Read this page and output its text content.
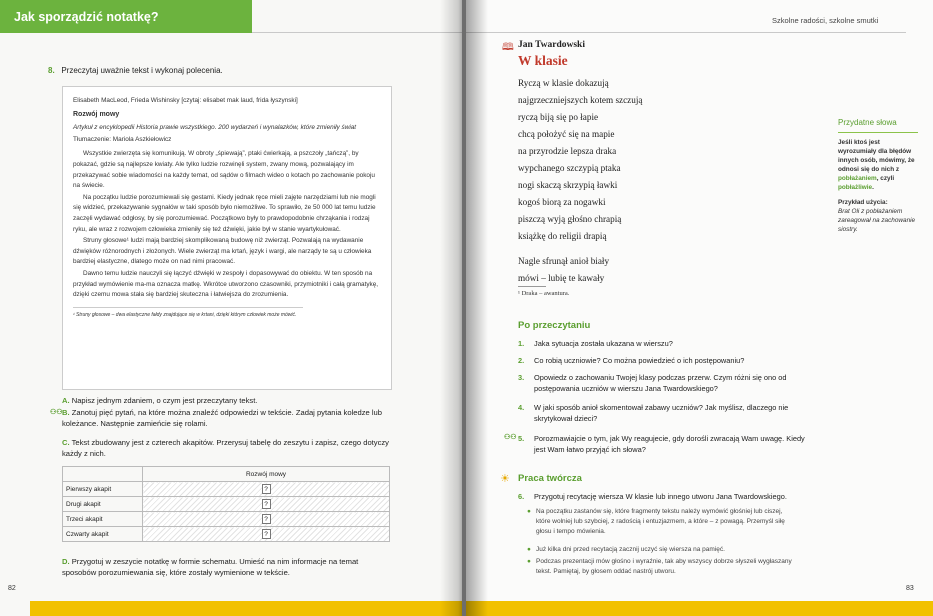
Jak sporządzić notatkę?
8. Przeczytaj uważnie tekst i wykonaj polecenia.

Elisabeth MacLeod, Frieda Wishinsky [czytaj: elisabet mak laud, frida łyszynski]

Rozwój mowy

Artykuł z encyklopedii Historia prawie wszystkiego. 200 wydarzeń i wynalazków, które zmieniły świat

Tłumaczenie: Mariola Aszkiełowicz

Wszystkie zwierzęta się komunikują. W obroty „śpiewają”, ptaki ćwierkają, a pszczoły „tańczą”, by pokazać, gdzie są najlepsze kwiaty. Ale tylko ludzie rozwinęli system, zwany mową, pozwalający im przekazywać sobie wiadomości na każdy temat, od sądów o filmach wideo o kotach po zachowanie pokoju na świecie.

Na początku ludzie porozumiewali się gestami. Kiedy jednak ręce mieli zajęte narzędziami lub nie mogli się widzieć, przekazywanie sygnałów w taki sposób było niemożliwe. To sprawiło, że 50 000 lat temu ludzie zaczęli wydawać odgłosy, by się porozumiewać. Początkowo były to prawdopodobnie chrząkania i rodzaj ryku, ale wraz z rozwojem człowieka zmieniły się też dźwięki, jakie był w stanie wyartykułować.

Struny głosowe¹ ludzi mają bardziej skomplikowaną budowę niż zwierząt. Pozwalają na wydawanie dźwięków różnorodnych i złożonych. Wiele zwierząt ma krtań, język i wargi, ale narządy te są u człowieka bardziej elastyczne, dlatego może on nad nimi pracować.

Dawno temu ludzie nauczyli się łączyć dźwięki w zespoły i dopasowywać do obiektu. W ten sposób na przykład wymówienie ma-ma oznacza matkę. Wkrótce utworzono czasowniki, przymiotniki i całą gramatykę, dzięki czemu mowa stała się bardziej skuteczna i łatwiejsza do zrozumienia.

¹ Struny głosowe – dwa elastyczne fałdy znajdujące się w krtani, dzięki którym człowiek może mówić.

A. Napisz jednym zdaniem, o czym jest przeczytany tekst.
⚇⚇ B. Zanotuj pięć pytań, na które można znaleźć odpowiedzi w tekście. Zadaj pytania koledze lub koleżance. Następnie zamieńcie się rolami.
C. Tekst zbudowany jest z czterech akapitów. Przerysuj tabelę do zeszytu i zapisz, czego dotyczy każdy z nich.
	Rozwój mowy
Pierwszy akapit	?
Drugi akapit	?
Trzeci akapit	?
Czwarty akapit	?
D. Przygotuj w zeszycie notatkę w formie schematu. Umieść na nim informacje na temat sposobów porozumiewania się, które zostały wymienione w tekście.
82
Szkolne radości, szkolne smutki
🕮 Jan Twardowski
W klasie
Ryczą w klasie dokazują
najgrzeczniejszych kotem szczują
ryczą biją się po łapie
chcą położyć się na mapie
na przyrodzie lepsza draka
wypchanego szczypią ptaka
nogi skaczą skrzypią ławki
kogoś biorą za nogawki
piszczą wyją głośno chrapią
książkę do religii drapią
Nagle sfrunął anioł biały
mówi – lubię te kawały
¹ Draka – awantura.
Po przeczytaniu
1. Jaka sytuacja została ukazana w wierszu?
2. Co robią uczniowie? Co można powiedzieć o ich postępowaniu?
3. Opowiedz o zachowaniu Twojej klasy podczas przerw. Czym różni się ono od postępowania uczniów w wierszu Jana Twardowskiego?
4. W jaki sposób anioł skomentował zabawy uczniów? Jak myślisz, dlaczego nie skrytykował dzieci?
⚇⚇ 5. Porozmawiajcie o tym, jak Wy reagujecie, gdy dorośli zwracają Wam uwagę. Kiedy jest Wam łatwo przyjąć ich słowa?
☀ Praca twórcza
6. Przygotuj recytację wiersza W klasie lub innego utworu Jana Twardowskiego.
● Na początku zastanów się, które fragmenty tekstu należy wymówić głośniej lub ciszej, które wolniej lub szybciej, z radością i entuzjazmem, a które – z powagą. Przemyśl siłę głosu i tempo mówienia.
● Już kilka dni przed recytacją zacznij uczyć się wiersza na pamięć.
● Podczas prezentacji mów głośno i wyraźnie, tak aby wszyscy dobrze słyszeli wygłaszany tekst. Pamiętaj, by głosem oddać nastrój utworu.
Przydatne słowa
Jeśli ktoś jest wyrozumiały dla błędów innych osób, mówimy, że odnosi się do nich z pobłażaniem, czyli pobłażliwie.
Przykład użycia:
Brat Oli z pobłażaniem zareagował na zachowanie siostry.
83
